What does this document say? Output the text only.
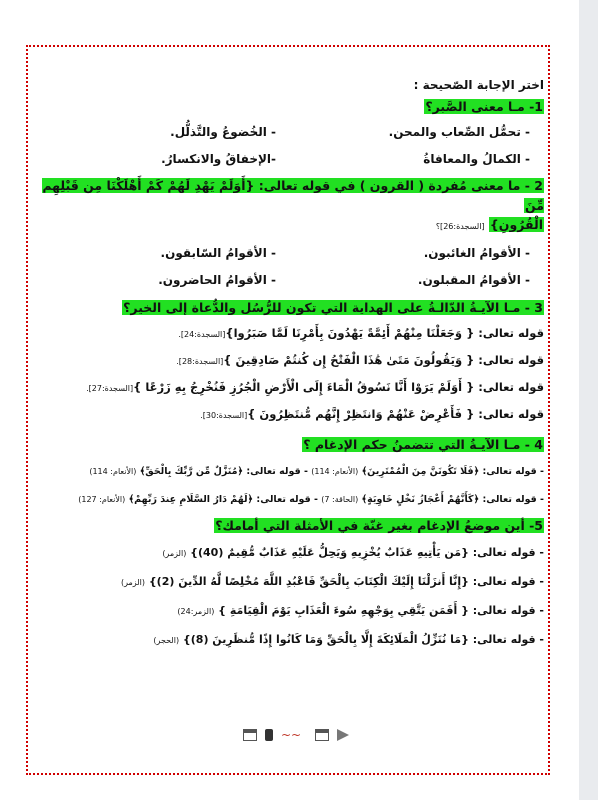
اختر الإجابة الصّحيحة :
1- مـا معنى الصَّبر؟
- تحمُّل الصِّعاب والمحن.
- الخُضوعُ والتَّذلُّل.
- الكمالُ والمعافاةُ
-الإخفاقُ والانكسارُ.
2 - ما معنى مُفردة ( القرون ) في قوله تعالى: {أَوَلَمْ يَهْدِ لَهُمْ كَمْ أَهْلَكْنَا مِن قَبْلِهِم مِّنَ
الْقُرُونِ} [السجدة:26]؟
- الأقوامُ الغائبون.
- الأقوامُ السّابقون.
- الأقوامُ المقبلون.
- الأقوامُ الحاضرون.
3 - مـا الآيـةُ الدّالـةُ على الهداية التي تكون للرُّسُل والدُّعاة إلى الخير؟
قوله تعالى: { وَجَعَلْنَا مِنْهُمْ أَئِمَّةً يَهْدُونَ بِأَمْرِنَا لَمَّا صَبَرُوا}[السجدة:24].
قوله تعالى: { وَيَقُولُونَ مَتَىٰ هَٰذَا الْفَتْحُ إِن كُنتُمْ صَادِقِينَ }[السجدة:28].
قوله تعالى: { أَوَلَمْ يَرَوْا أَنَّا نَسُوقُ الْمَاءَ إِلَى الْأَرْضِ الْجُرُزِ فَنُخْرِجُ بِهِ زَرْعًا }[السجدة:27].
قوله تعالى: { فَأَعْرِضْ عَنْهُمْ وَانتَظِرْ إِنَّهُم مُّنتَظِرُونَ }[السجدة:30].
4 - مـا الآيـةُ التي تتضمنُ حكم الإدغام ؟
- قوله تعالى: ﴿فَلَا تَكُونَنَّ مِنَ الْمُمْتَرِينَ﴾ (الأنعام: 114) - قوله تعالى: ﴿مُنَزَّلٌ مِّن رَّبِّكَ بِالْحَقِّ﴾ (الأنعام: 114)
- قوله تعالى: ﴿كَأَنَّهُمْ أَعْجَازُ نَخْلٍ خَاوِيَةٍ﴾ (الحاقة: 7) - قوله تعالى: ﴿لَهُمْ دَارُ السَّلَامِ عِندَ رَبِّهِمْ﴾ (الأنعام: 127)
5- أين موضعُ الإدغام بغير غنّة في الأمثلة التي أمامك؟
- قوله تعالى: {مَن يَأْتِيهِ عَذَابٌ يُخْزِيهِ وَيَحِلُّ عَلَيْهِ عَذَابٌ مُّقِيمٌ (40)} (الزمر)
- قوله تعالى: {إِنَّا أَنزَلْنَا إِلَيْكَ الْكِتَابَ بِالْحَقِّ فَاعْبُدِ اللَّهَ مُخْلِصًا لَّهُ الدِّينَ (2)} (الزمر)
- قوله تعالى: { أَفَمَن يَتَّقِي بِوَجْهِهِ سُوءَ الْعَذَابِ يَوْمَ الْقِيَامَةِ } (الزمر:24)
- قوله تعالى: {مَا نُنَزِّلُ الْمَلَائِكَةَ إِلَّا بِالْحَقِّ وَمَا كَانُوا إِذًا مُّنظَرِينَ (8)} (الحجر)
~~
